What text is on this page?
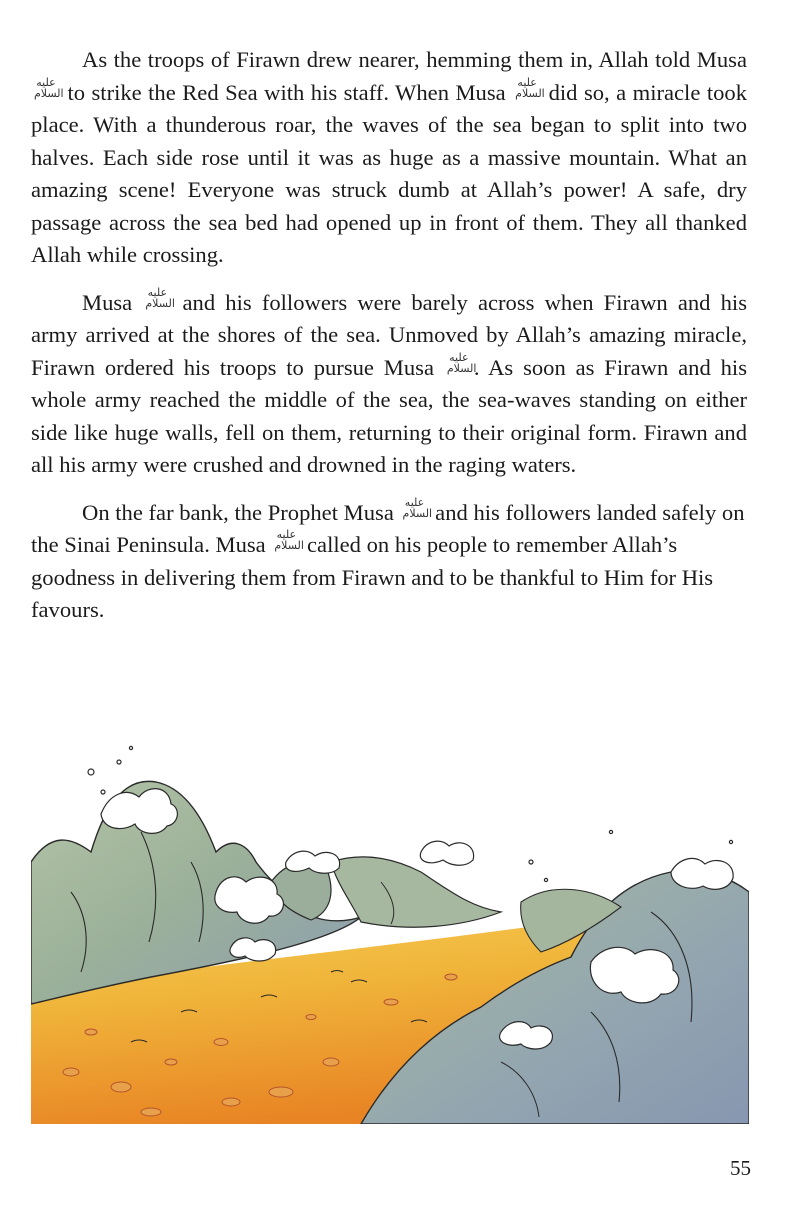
As the troops of Firawn drew nearer, hemming them in, Allah told Musa عليه السلام to strike the Red Sea with his staff. When Musa عليه السلام did so, a miracle took place. With a thunderous roar, the waves of the sea began to split into two halves. Each side rose until it was as huge as a massive mountain. What an amazing scene! Everyone was struck dumb at Allah’s power! A safe, dry passage across the sea bed had opened up in front of them. They all thanked Allah while crossing.

Musa عليه السلام and his followers were barely across when Firawn and his army arrived at the shores of the sea. Unmoved by Allah’s amazing miracle, Firawn ordered his troops to pursue Musa عليه السلام. As soon as Firawn and his whole army reached the middle of the sea, the sea-waves standing on either side like huge walls, fell on them, returning to their original form. Firawn and all his army were crushed and drowned in the raging waters.

On the far bank, the Prophet Musa عليه السلام and his followers landed safely on the Sinai Peninsula. Musa عليه السلام called on his people to remember Allah’s goodness in delivering them from Firawn and to be thankful to Him for His favours.

55
